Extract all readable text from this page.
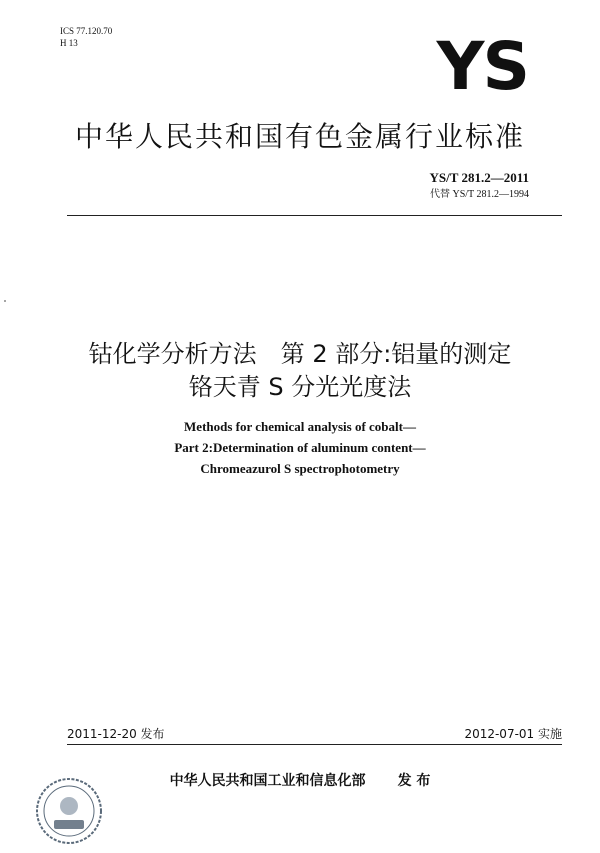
ICS 77.120.70
H 13	YS
中华人民共和国有色金属行业标准
YS/T 281.2—2011
代替 YS/T 281.2—1994
钴化学分析方法　第 2 部分:铝量的测定
铬天青 S 分光光度法
Methods for chemical analysis of cobalt—
Part 2:Determination of aluminum content—
Chromeazurol S spectrophotometry
2011-12-20 发布	2012-07-01 实施
中华人民共和国工业和信息化部 发 布
